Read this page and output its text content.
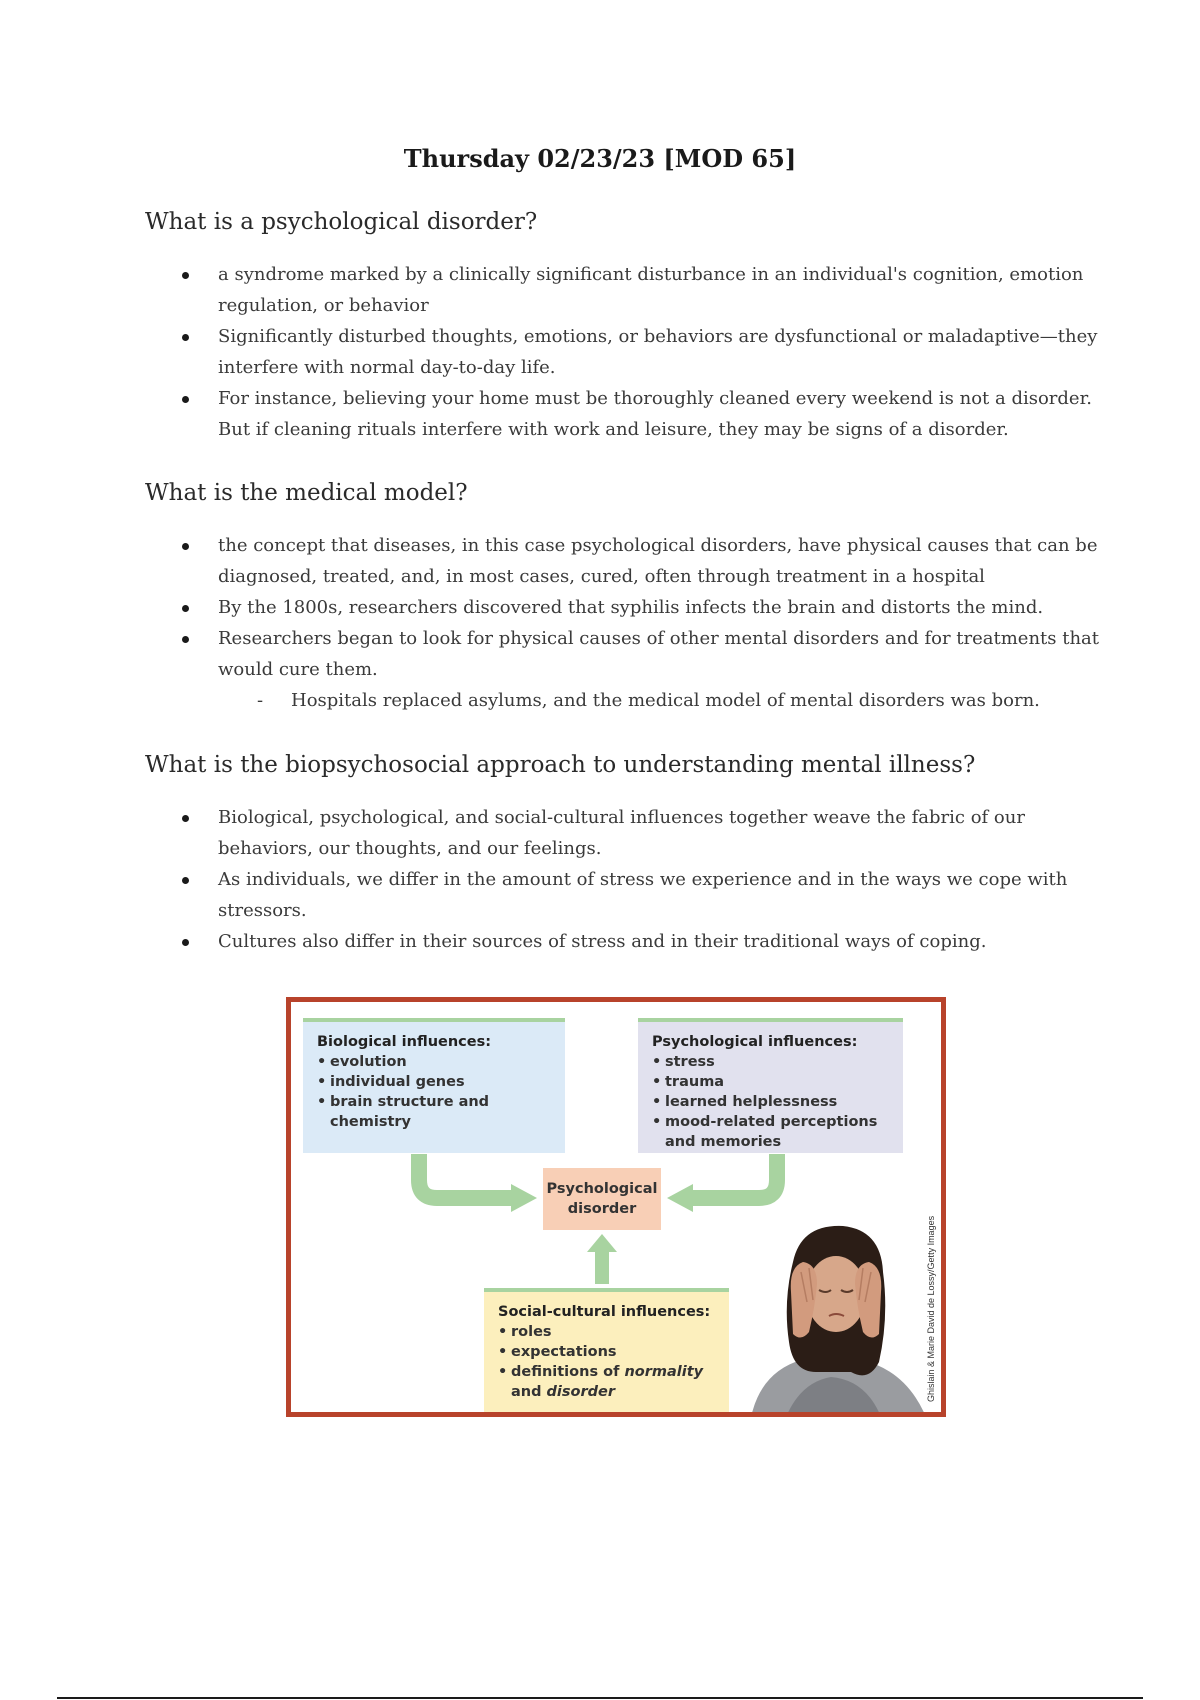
Thursday 02/23/23 [MOD 65]
What is a psychological disorder?
a syndrome marked by a clinically significant disturbance in an individual's cognition, emotion regulation, or behavior
Significantly disturbed thoughts, emotions, or behaviors are dysfunctional or maladaptive—they interfere with normal day-to-day life.
For instance, believing your home must be thoroughly cleaned every weekend is not a disorder. But if cleaning rituals interfere with work and leisure, they may be signs of a disorder.
What is the medical model?
the concept that diseases, in this case psychological disorders, have physical causes that can be diagnosed, treated, and, in most cases, cured, often through treatment in a hospital
By the 1800s, researchers discovered that syphilis infects the brain and distorts the mind.
Researchers began to look for physical causes of other mental disorders and for treatments that would cure them.
- Hospitals replaced asylums, and the medical model of mental disorders was born.
What is the biopsychosocial approach to understanding mental illness?
Biological, psychological, and social-cultural influences together weave the fabric of our behaviors, our thoughts, and our feelings.
As individuals, we differ in the amount of stress we experience and in the ways we cope with stressors.
Cultures also differ in their sources of stress and in their traditional ways of coping.
Biological influences:
• evolution
• individual genes
• brain structure and chemistry
Psychological influences:
• stress
• trauma
• learned helplessness
• mood-related perceptions and memories
Psychological
disorder
Social-cultural influences:
• roles
• expectations
• definitions of normality and disorder	Ghislain & Marie David de Lossy/Getty Images
